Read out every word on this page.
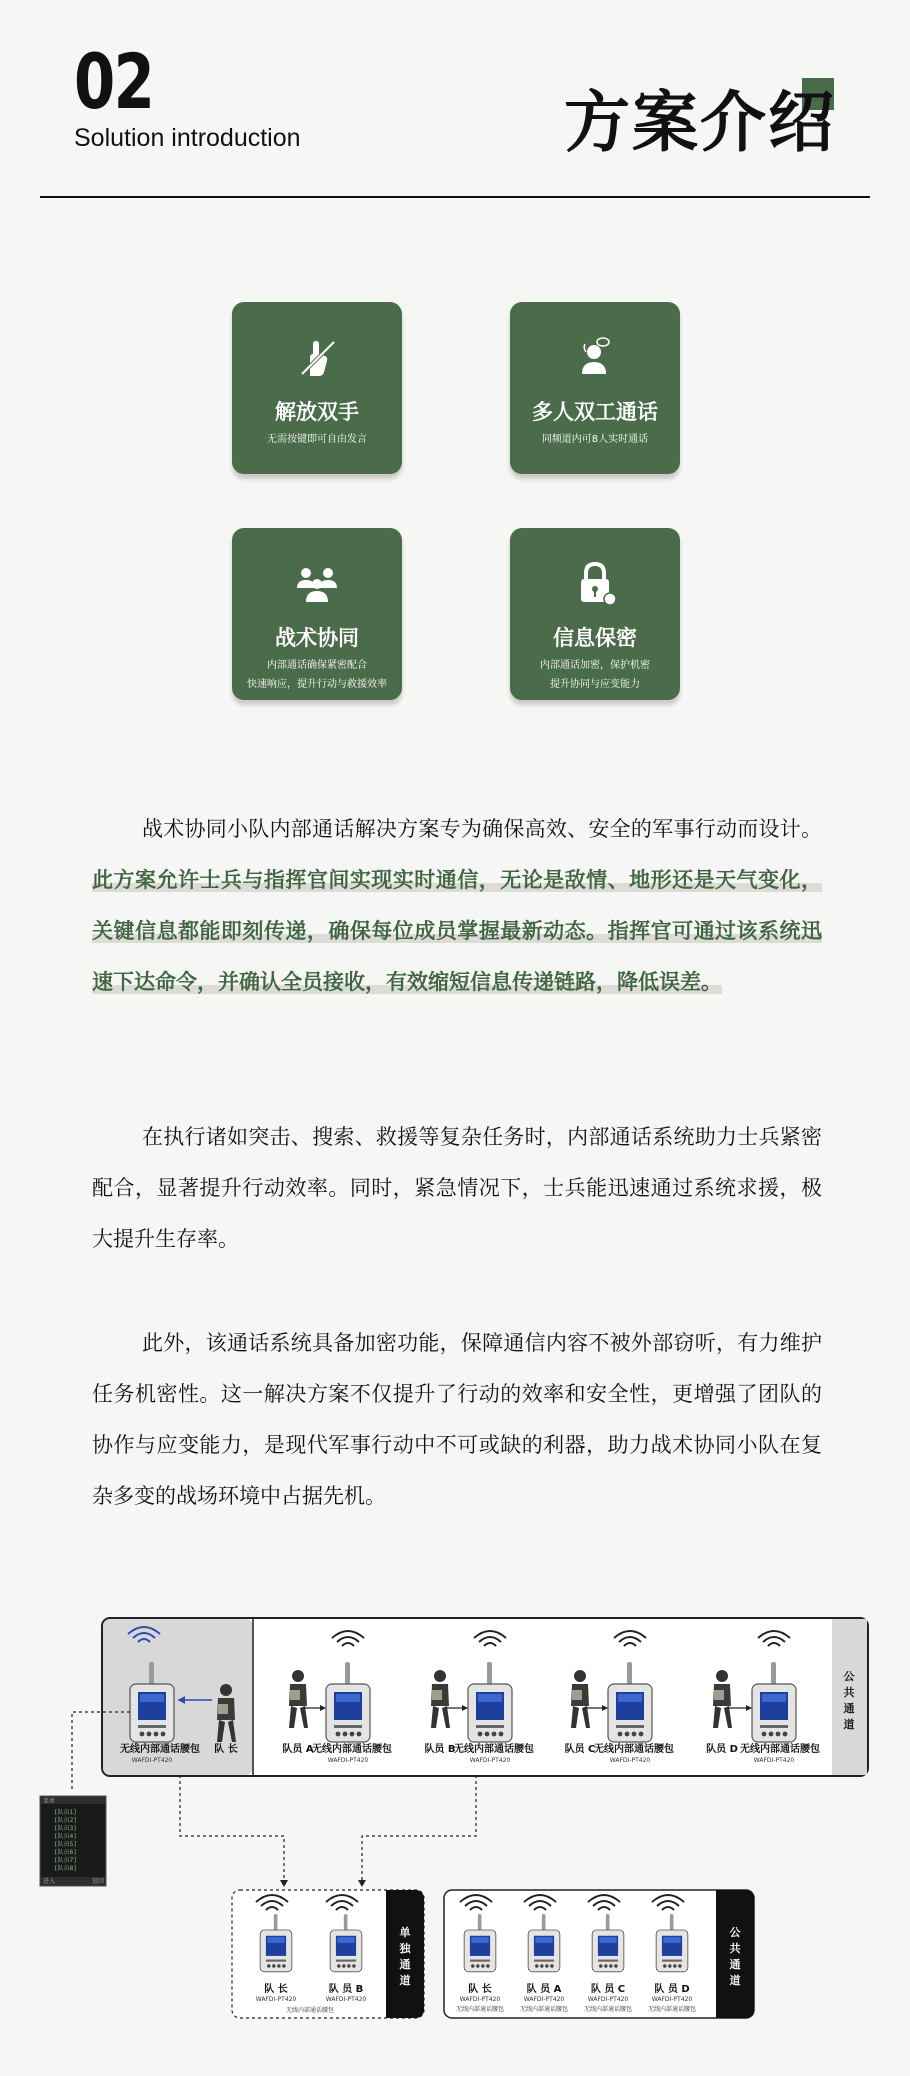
02
Solution introduction	方案介绍
解放双手
无需按键即可自由发言
多人双工通话
同频道内可8人实时通话
战术协同
内部通话确保紧密配合
快速响应，提升行动与救援效率
信息保密
内部通话加密，保护机密
提升协同与应变能力
战术协同小队内部通话解决方案专为确保高效、安全的军事行动而设计。此方案允许士兵与指挥官间实现实时通信，无论是敌情、地形还是天气变化，关键信息都能即刻传递，确保每位成员掌握最新动态。指挥官可通过该系统迅速下达命令，并确认全员接收，有效缩短信息传递链路，降低误差。
在执行诸如突击、搜索、救援等复杂任务时，内部通话系统助力士兵紧密配合，显著提升行动效率。同时，紧急情况下，士兵能迅速通过系统求援，极大提升生存率。
此外，该通话系统具备加密功能，保障通信内容不被外部窃听，有力维护任务机密性。这一解决方案不仅提升了行动的效率和安全性，更增强了团队的协作与应变能力，是现代军事行动中不可或缺的利器，助力战术协同小队在复杂多变的战场环境中占据先机。
公
共
通
道
无线内部通话腰包
WAFDI-PT420
队 长	队员 A
无线内部通话腰包
WAFDI-PT420
队员 B
无线内部通话腰包
WAFDI-PT420
队员 C
无线内部通话腰包
WAFDI-PT420
队员 D 无线内部通话腰包
WAFDI-PT420
菜单
[队员1]
[队员2]
[队员3]
[队员4]
[队员5]
[队员6]
[队员7]
[队员8]
进入	返回
单
独
通
道
队 长
WAFDI-PT420
队 员 B
WAFDI-PT420
无线内部通话腰包
公
共
通
道
队 长
WAFDI-PT420
无线内部通话腰包
队 员 A
WAFDI-PT420
无线内部通话腰包
队 员 C
WAFDI-PT420
无线内部通话腰包
队 员 D
WAFDI-PT420
无线内部通话腰包
